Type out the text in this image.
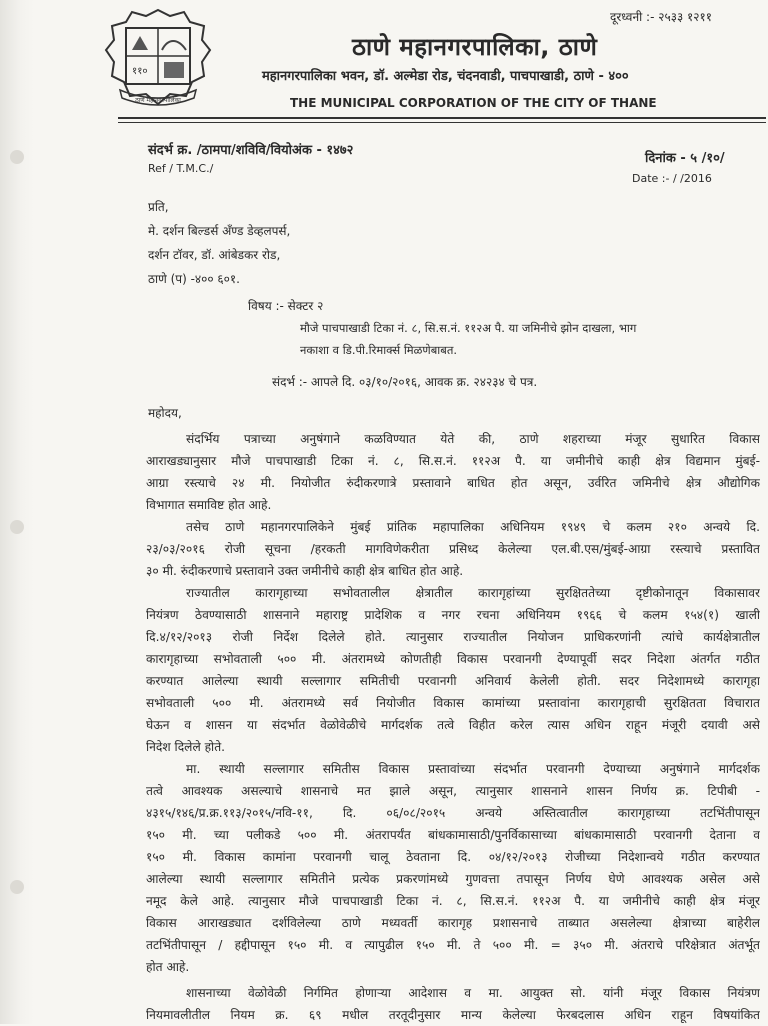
दूरध्वनी :- २५३३ १२११
११०
ठाणे महानगरपालिका
ठाणे महानगरपालिका, ठाणे
महानगरपालिका भवन, डॉ. अल्मेडा रोड, चंदनवाडी, पाचपाखाडी, ठाणे - ४००
THE MUNICIPAL CORPORATION OF THE CITY OF THANE
संदर्भ क्र. /ठामपा/शविवि/वियोअंक - १४७२
Ref / T.M.C./
दिनांक - ५ /१०/
Date :- / /2016
प्रति,
मे. दर्शन बिल्डर्स अँण्ड डेव्हलपर्स,
दर्शन टॉवर, डॉ. आंबेडकर रोड,
ठाणे (प) -४०० ६०१.
विषय :- सेक्टर २
मौजे पाचपाखाडी टिका नं. ८, सि.स.नं. ११२अ पै. या जमिनीचे झोन दाखला, भाग
नकाशा व डि.पी.रिमार्क्स मिळणेबाबत.
संदर्भ :- आपले दि. ०३/१०/२०१६, आवक क्र. २४२३४ चे पत्र.
महोदय,
संदर्भिय पत्राच्या अनुषंगाने कळविण्यात येते की, ठाणे शहराच्या मंजूर सुधारित विकास
आराखड्यानुसार मौजे पाचपाखाडी टिका नं. ८, सि.स.नं. ११२अ पै. या जमीनीचे काही क्षेत्र विद्यमान मुंबई-
आग्रा रस्त्याचे २४ मी. नियोजीत रुंदीकरणात्रे प्रस्तावाने बाधित होत असून, उर्वरित जमिनीचे क्षेत्र औद्योगिक
विभागात समाविष्ट होत आहे.
तसेच ठाणे महानगरपालिकेने मुंबई प्रांतिक महापालिका अधिनियम १९४९ चे कलम २१० अन्वये दि.
२३/०३/२०१६ रोजी सूचना /हरकती मागविणेकरीता प्रसिध्द केलेल्या एल.बी.एस/मुंबई-आग्रा रस्त्याचे प्रस्तावित
३० मी. रुंदीकरणाचे प्रस्तावाने उक्त जमीनीचे काही क्षेत्र बाधित होत आहे.
राज्यातील कारागृहाच्या सभोवतालील क्षेत्रातील कारागृहांच्या सुरक्षिततेच्या दृष्टीकोनातून विकासावर
नियंत्रण ठेवण्यासाठी शासनाने महाराष्ट्र प्रादेशिक व नगर रचना अधिनियम १९६६ चे कलम १५४(१) खाली
दि.४/१२/२०१३ रोजी निर्देश दिलेले होते. त्यानुसार राज्यातील नियोजन प्राधिकरणांनी त्यांचे कार्यक्षेत्रातील
कारागृहाच्या सभोवताली ५०० मी. अंतरामध्ये कोणतीही विकास परवानगी देण्यापूर्वी सदर निदेशा अंतर्गत गठीत
करण्यात आलेल्या स्थायी सल्लागार समितीची परवानगी अनिवार्य केलेली होती. सदर निदेशामध्ये कारागृहा
सभोवताली ५०० मी. अंतरामध्ये सर्व नियोजीत विकास कामांच्या प्रस्तावांना कारागृहाची सुरक्षितता विचारात
घेऊन व शासन या संदर्भात वेळोवेळीचे मार्गदर्शक तत्वे विहीत करेल त्यास अधिन राहून मंजूरी दयावी असे
निदेश दिलेले होते.
मा. स्थायी सल्लागार समितीस विकास प्रस्तावांच्या संदर्भात परवानगी देण्याच्या अनुषंगाने मार्गदर्शक
तत्वे आवश्यक असल्याचे शासनाचे मत झाले असून, त्यानुसार शासनाने शासन निर्णय क्र. टिपीबी -
४३१५/१४६/प्र.क्र.११३/२०१५/नवि-११, दि. ०६/०८/२०१५ अन्वये अस्तित्वातील कारागृहाच्या तटभिंतीपासून
१५० मी. च्या पलीकडे ५०० मी. अंतरापर्यंत बांधकामासाठी/पुनर्विकासाच्या बांधकामासाठी परवानगी देताना व
१५० मी. विकास कामांना परवानगी चालू ठेवताना दि. ०४/१२/२०१३ रोजीच्या निदेशान्वये गठीत करण्यात
आलेल्या स्थायी सल्लागार समितीने प्रत्येक प्रकरणांमध्ये गुणवत्ता तपासून निर्णय घेणे आवश्यक असेल असे
नमूद केले आहे. त्यानुसार मौजे पाचपाखाडी टिका नं. ८, सि.स.नं. ११२अ पै. या जमीनीचे काही क्षेत्र मंजूर
विकास आराखड्यात दर्शविलेल्या ठाणे मध्यवर्ती कारागृह प्रशासनाचे ताब्यात असलेल्या क्षेत्राच्या बाहेरील
तटभिंतीपासून / हद्दीपासून १५० मी. व त्यापुढील १५० मी. ते ५०० मी. = ३५० मी. अंतराचे परिक्षेत्रात अंतर्भूत
होत आहे.
शासनाच्या वेळोवेळी निर्गमित होणाऱ्या आदेशास व मा. आयुक्त सो. यांनी मंजूर विकास नियंत्रण
नियमावलीतील नियम क्र. ६९ मधील तरतूदीनुसार मान्य केलेल्या फेरबदलास अधिन राहून विषयांकित
